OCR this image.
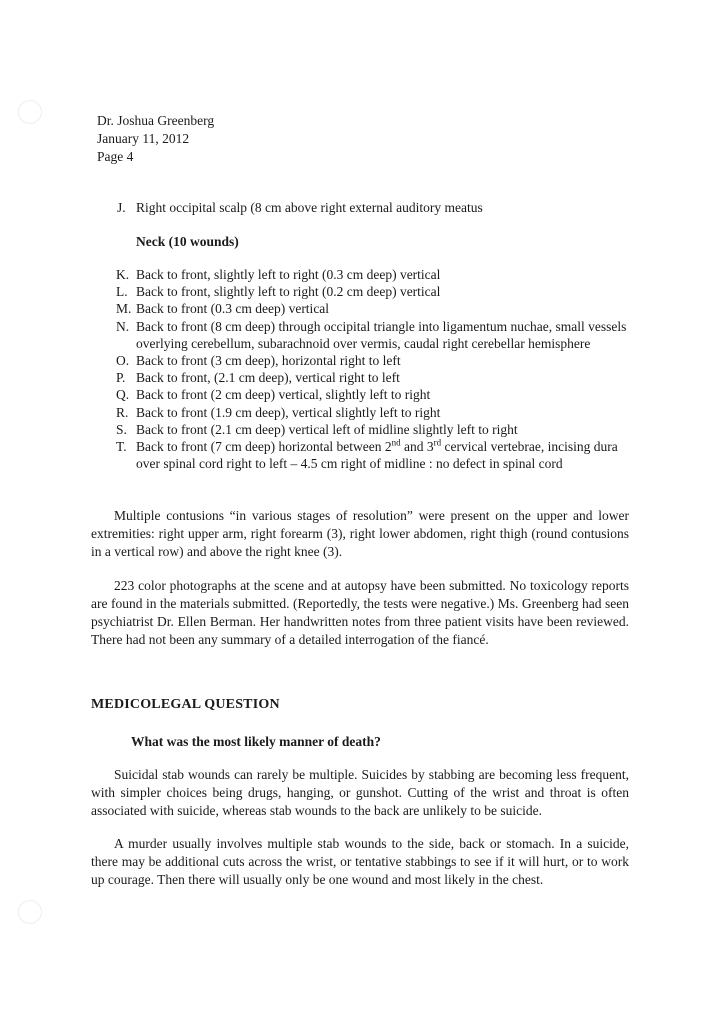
Dr. Joshua Greenberg
January 11, 2012
Page 4
J. Right occipital scalp (8 cm above right external auditory meatus
Neck (10 wounds)
K. Back to front, slightly left to right (0.3 cm deep) vertical
L. Back to front, slightly left to right (0.2 cm deep) vertical
M. Back to front (0.3 cm deep) vertical
N. Back to front (8 cm deep) through occipital triangle into ligamentum nuchae, small vessels overlying cerebellum, subarachnoid over vermis, caudal right cerebellar hemisphere
O. Back to front (3 cm deep), horizontal right to left
P. Back to front, (2.1 cm deep), vertical right to left
Q. Back to front (2 cm deep) vertical, slightly left to right
R. Back to front (1.9 cm deep), vertical slightly left to right
S. Back to front (2.1 cm deep) vertical left of midline slightly left to right
T. Back to front (7 cm deep) horizontal between 2nd and 3rd cervical vertebrae, incising dura over spinal cord right to left – 4.5 cm right of midline : no defect in spinal cord

Multiple contusions “in various stages of resolution” were present on the upper and lower extremities: right upper arm, right forearm (3), right lower abdomen, right thigh (round contusions in a vertical row) and above the right knee (3).

223 color photographs at the scene and at autopsy have been submitted. No toxicology reports are found in the materials submitted. (Reportedly, the tests were negative.) Ms. Greenberg had seen psychiatrist Dr. Ellen Berman. Her handwritten notes from three patient visits have been reviewed. There had not been any summary of a detailed interrogation of the fiancé.

MEDICOLEGAL QUESTION
What was the most likely manner of death?

Suicidal stab wounds can rarely be multiple. Suicides by stabbing are becoming less frequent, with simpler choices being drugs, hanging, or gunshot. Cutting of the wrist and throat is often associated with suicide, whereas stab wounds to the back are unlikely to be suicide.

A murder usually involves multiple stab wounds to the side, back or stomach. In a suicide, there may be additional cuts across the wrist, or tentative stabbings to see if it will hurt, or to work up courage. Then there will usually only be one wound and most likely in the chest.
